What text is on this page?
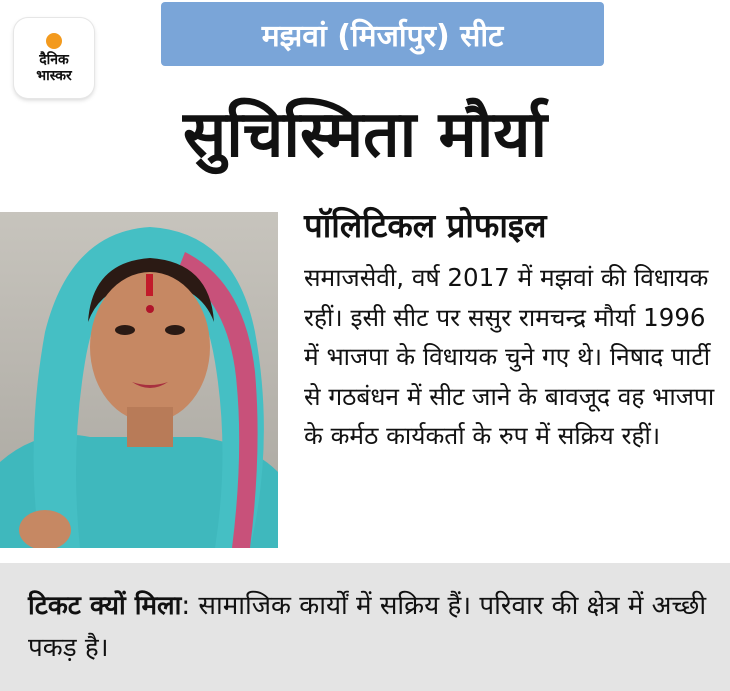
दैनिक
भास्कर
मझवां (मिर्जापुर) सीट
सुचिस्मिता मौर्या
पॉलिटिकल प्रोफाइल
समाजसेवी, वर्ष 2017 में मझवां की विधायक रहीं। इसी सीट पर ससुर रामचन्द्र मौर्या 1996 में भाजपा के विधायक चुने गए थे। निषाद पार्टी से गठबंधन में सीट जाने के बावजूद वह भाजपा के कर्मठ कार्यकर्ता के रुप में सक्रिय रहीं।
टिकट क्यों मिला: सामाजिक कार्यों में सक्रिय हैं। परिवार की क्षेत्र में अच्छी पकड़ है।
